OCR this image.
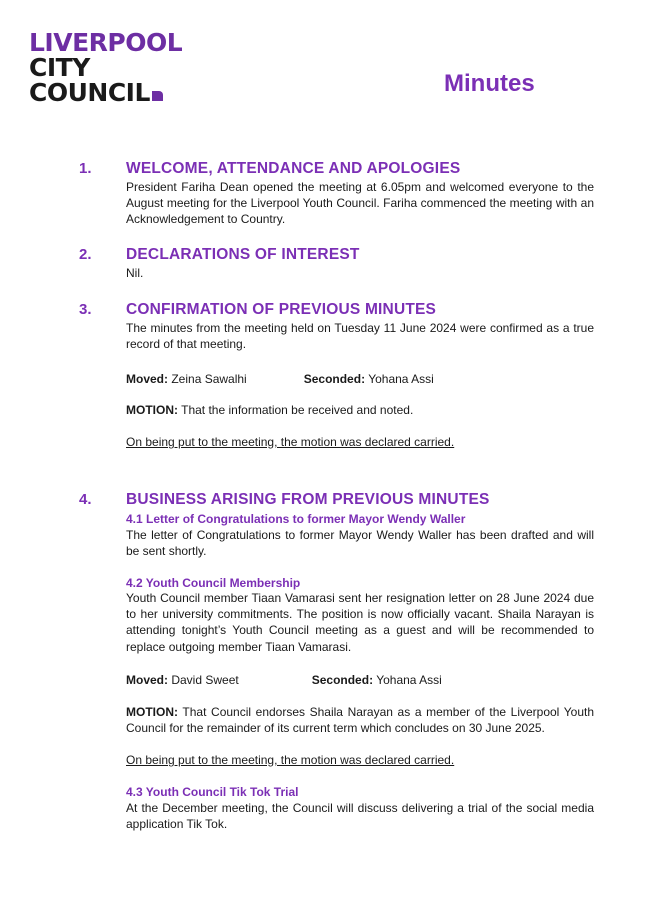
LIVERPOOL
CITY
COUNCIL	Minutes
1. WELCOME, ATTENDANCE AND APOLOGIES

President Fariha Dean opened the meeting at 6.05pm and welcomed everyone to the August meeting for the Liverpool Youth Council. Fariha commenced the meeting with an Acknowledgement to Country.

2. DECLARATIONS OF INTEREST

Nil.

3. CONFIRMATION OF PREVIOUS MINUTES

The minutes from the meeting held on Tuesday 11 June 2024 were confirmed as a true record of that meeting.

Moved: Zeina Sawalhi	Seconded: Yohana Assi

MOTION: That the information be received and noted.

On being put to the meeting, the motion was declared carried.

4. BUSINESS ARISING FROM PREVIOUS MINUTES

4.1 Letter of Congratulations to former Mayor Wendy Waller

The letter of Congratulations to former Mayor Wendy Waller has been drafted and will be sent shortly.

4.2 Youth Council Membership

Youth Council member Tiaan Vamarasi sent her resignation letter on 28 June 2024 due to her university commitments. The position is now officially vacant. Shaila Narayan is attending tonight’s Youth Council meeting as a guest and will be recommended to replace outgoing member Tiaan Vamarasi.

Moved: David Sweet	Seconded: Yohana Assi

MOTION: That Council endorses Shaila Narayan as a member of the Liverpool Youth Council for the remainder of its current term which concludes on 30 June 2025.

On being put to the meeting, the motion was declared carried.

4.3 Youth Council Tik Tok Trial

At the December meeting, the Council will discuss delivering a trial of the social media application Tik Tok.
